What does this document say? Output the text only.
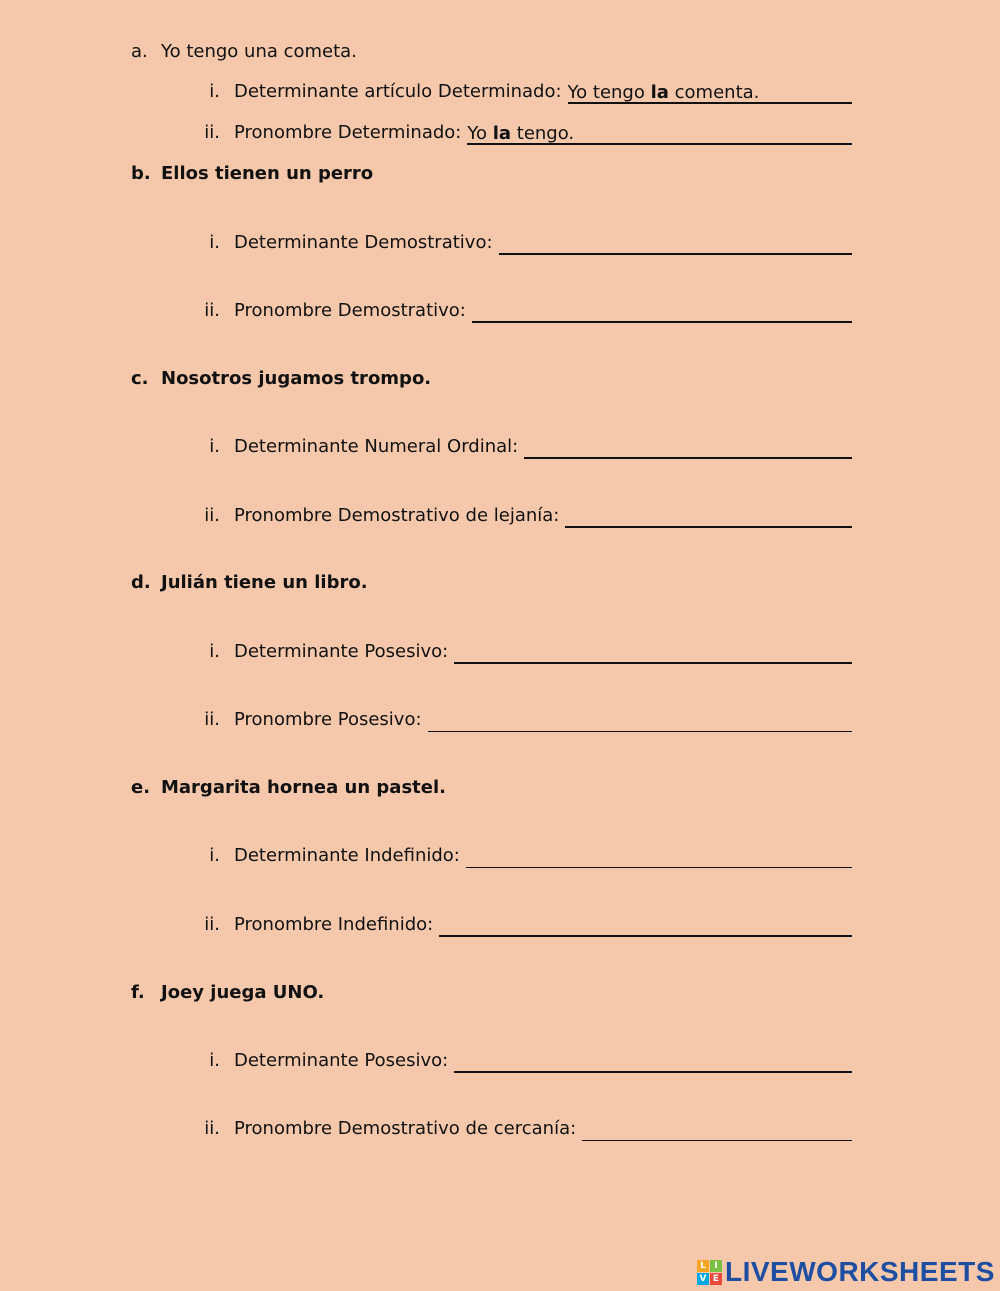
a. Yo tengo una cometa.
i. Determinante artículo Determinado: Yo tengo la comenta.
ii. Pronombre Determinado: Yo la tengo.
b. Ellos tienen un perro
i. Determinante Demostrativo:
ii. Pronombre Demostrativo:
c. Nosotros jugamos trompo.
i. Determinante Numeral Ordinal:
ii. Pronombre Demostrativo de lejanía:
d. Julián tiene un libro.
i. Determinante Posesivo:
ii. Pronombre Posesivo:
e. Margarita hornea un pastel.
i. Determinante Indefinido:
ii. Pronombre Indefinido:
f. Joey juega UNO.
i. Determinante Posesivo:
ii. Pronombre Demostrativo de cercanía:
L I
V E LIVEWORKSHEETS
